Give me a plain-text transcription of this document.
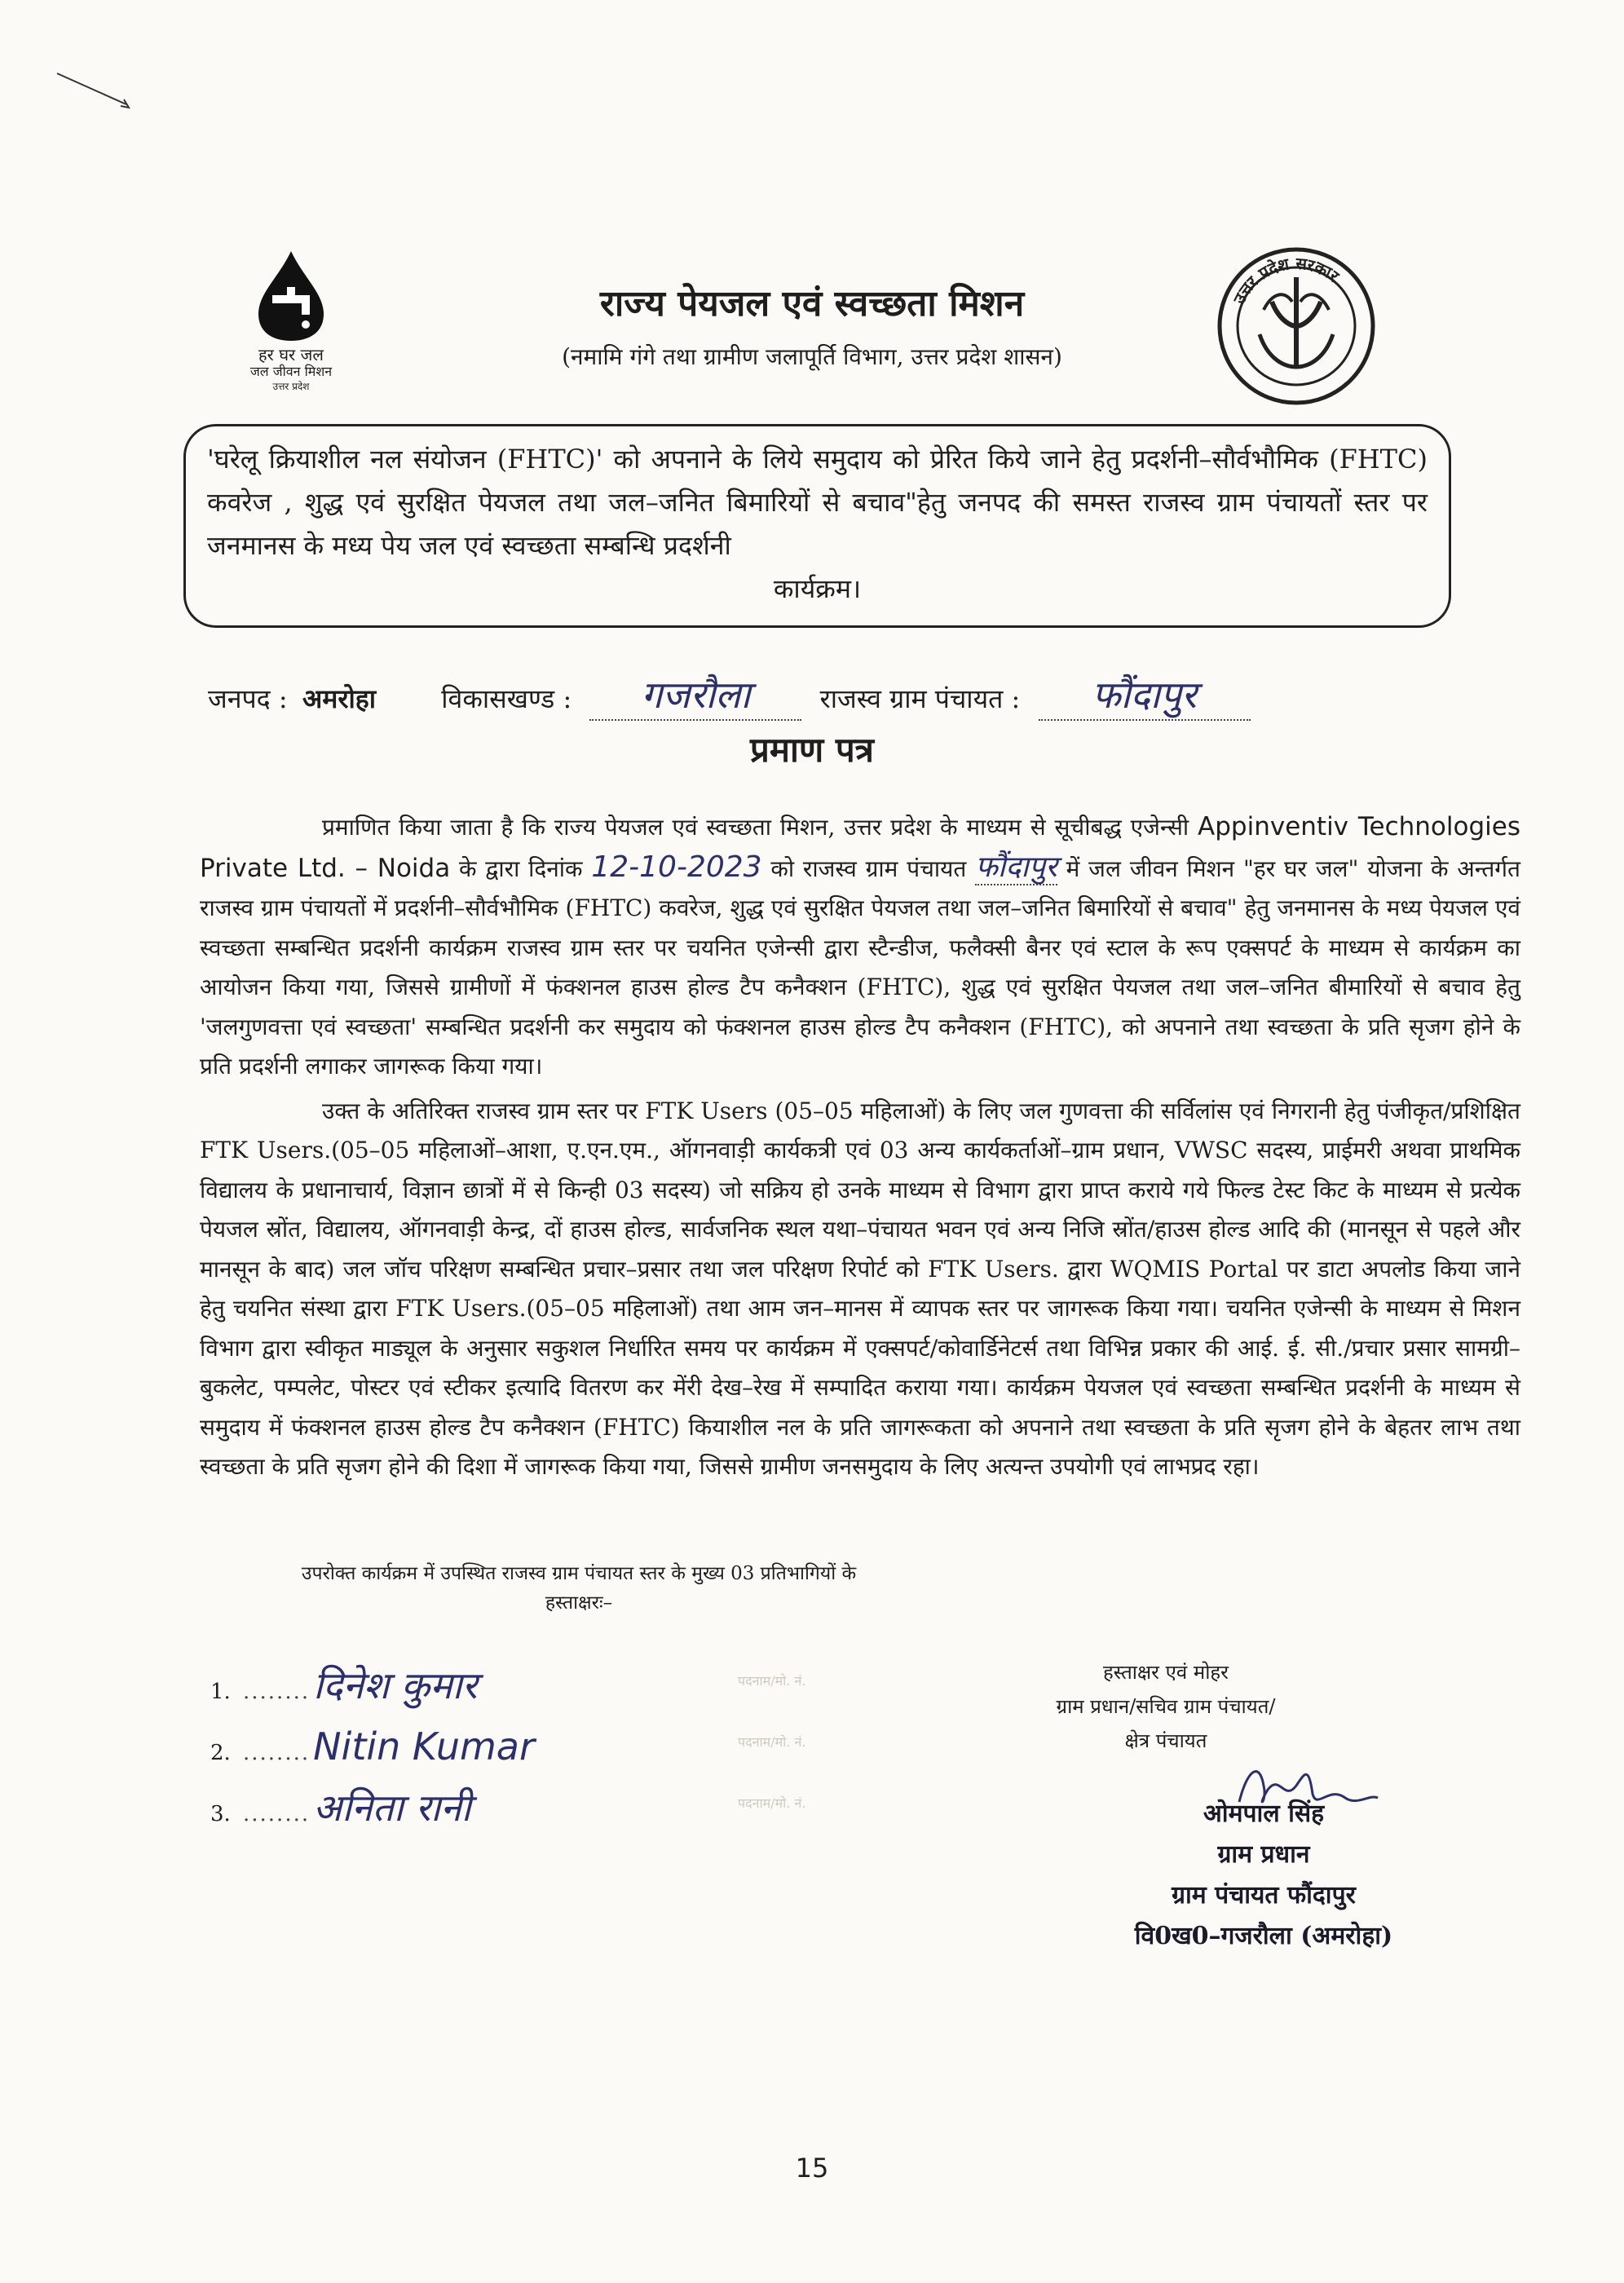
हर घर जल
जल जीवन मिशन
उत्तर प्रदेश
उत्तर प्रदेश सरकार
राज्य पेयजल एवं स्वच्छता मिशन
(नमामि गंगे तथा ग्रामीण जलापूर्ति विभाग, उत्तर प्रदेश शासन)
'घरेलू क्रियाशील नल संयोजन (FHTC)' को अपनाने के लिये समुदाय को प्रेरित किये जाने हेतु प्रदर्शनी–सौर्वभौमिक (FHTC) कवरेज , शुद्ध एवं सुरक्षित पेयजल तथा जल–जनित बिमारियों से बचाव"हेतु जनपद की समस्त राजस्व ग्राम पंचायतों स्तर पर जनमानस के मध्य पेय जल एवं स्वच्छता सम्बन्धि प्रदर्शनी
कार्यक्रम।
जनपद : अमरोहा	विकासखण्ड : गजरौला	राजस्व ग्राम पंचायत : फौंदापुर
प्रमाण पत्र

प्रमाणित किया जाता है कि राज्य पेयजल एवं स्वच्छता मिशन, उत्तर प्रदेश के माध्यम से सूचीबद्ध एजेन्सी Appinventiv Technologies Private Ltd. – Noida के द्वारा दिनांक 12-10-2023 को राजस्व ग्राम पंचायत फौंदापुर में जल जीवन मिशन "हर घर जल" योजना के अन्तर्गत राजस्व ग्राम पंचायतों में प्रदर्शनी–सौर्वभौमिक (FHTC) कवरेज, शुद्ध एवं सुरक्षित पेयजल तथा जल–जनित बिमारियों से बचाव" हेतु जनमानस के मध्य पेयजल एवं स्वच्छता सम्बन्धित प्रदर्शनी कार्यक्रम राजस्व ग्राम स्तर पर चयनित एजेन्सी द्वारा स्टैन्डीज, फलैक्सी बैनर एवं स्टाल के रूप एक्सपर्ट के माध्यम से कार्यक्रम का आयोजन किया गया, जिससे ग्रामीणों में फंक्शनल हाउस होल्ड टैप कनैक्शन (FHTC), शुद्ध एवं सुरक्षित पेयजल तथा जल–जनित बीमारियों से बचाव हेतु 'जलगुणवत्ता एवं स्वच्छता' सम्बन्धित प्रदर्शनी कर समुदाय को फंक्शनल हाउस होल्ड टैप कनैक्शन (FHTC), को अपनाने तथा स्वच्छता के प्रति सृजग होने के प्रति प्रदर्शनी लगाकर जागरूक किया गया।

उक्त के अतिरिक्त राजस्व ग्राम स्तर पर FTK Users (05–05 महिलाओं) के लिए जल गुणवत्ता की सर्विलांस एवं निगरानी हेतु पंजीकृत/प्रशिक्षित FTK Users.(05–05 महिलाओं–आशा, ए.एन.एम., ऑगनवाड़ी कार्यकत्री एवं 03 अन्य कार्यकर्ताओं–ग्राम प्रधान, VWSC सदस्य, प्राईमरी अथवा प्राथमिक विद्यालय के प्रधानाचार्य, विज्ञान छात्रों में से किन्ही 03 सदस्य) जो सक्रिय हो उनके माध्यम से विभाग द्वारा प्राप्त कराये गये फिल्ड टेस्ट किट के माध्यम से प्रत्येक पेयजल स्रोंत, विद्यालय, ऑगनवाड़ी केन्द्र, दों हाउस होल्ड, सार्वजनिक स्थल यथा–पंचायत भवन एवं अन्य निजि स्रोंत/हाउस होल्ड आदि की (मानसून से पहले और मानसून के बाद) जल जॉच परिक्षण सम्बन्धित प्रचार–प्रसार तथा जल परिक्षण रिपोर्ट को FTK Users. द्वारा WQMIS Portal पर डाटा अपलोड किया जाने हेतु चयनित संस्था द्वारा FTK Users.(05–05 महिलाओं) तथा आम जन–मानस में व्यापक स्तर पर जागरूक किया गया। चयनित एजेन्सी के माध्यम से मिशन विभाग द्वारा स्वीकृत माड्यूल के अनुसार सकुशल निर्धारित समय पर कार्यक्रम में एक्सपर्ट/कोवार्डिनेटर्स तथा विभिन्न प्रकार की आई. ई. सी./प्रचार प्रसार सामग्री–बुकलेट, पम्पलेट, पोस्टर एवं स्टीकर इत्यादि वितरण कर मेंरी देख–रेख में सम्पादित कराया गया। कार्यक्रम पेयजल एवं स्वच्छता सम्बन्धित प्रदर्शनी के माध्यम से समुदाय में फंक्शनल हाउस होल्ड टैप कनैक्शन (FHTC) कियाशील नल के प्रति जागरूकता को अपनाने तथा स्वच्छता के प्रति सृजग होने के बेहतर लाभ तथा स्वच्छता के प्रति सृजग होने की दिशा में जागरूक किया गया, जिससे ग्रामीण जनसमुदाय के लिए अत्यन्त उपयोगी एवं लाभप्रद रहा।

उपरोक्त कार्यक्रम में उपस्थित राजस्व ग्राम पंचायत स्तर के मुख्य 03 प्रतिभागियों के
हस्ताक्षरः–
1. ........दिनेश कुमार
2. ........Nitin Kumar
3. ........अनिता रानी
पदनाम/मो. नं.
पदनाम/मो. नं.
पदनाम/मो. नं.
हस्ताक्षर एवं मोहर
ग्राम प्रधान/सचिव ग्राम पंचायत/
क्षेत्र पंचायत
ओमपाल सिंह
ग्राम प्रधान
ग्राम पंचायत फौंदापुर
वि0ख0–गजरौला (अमरोहा)
15
